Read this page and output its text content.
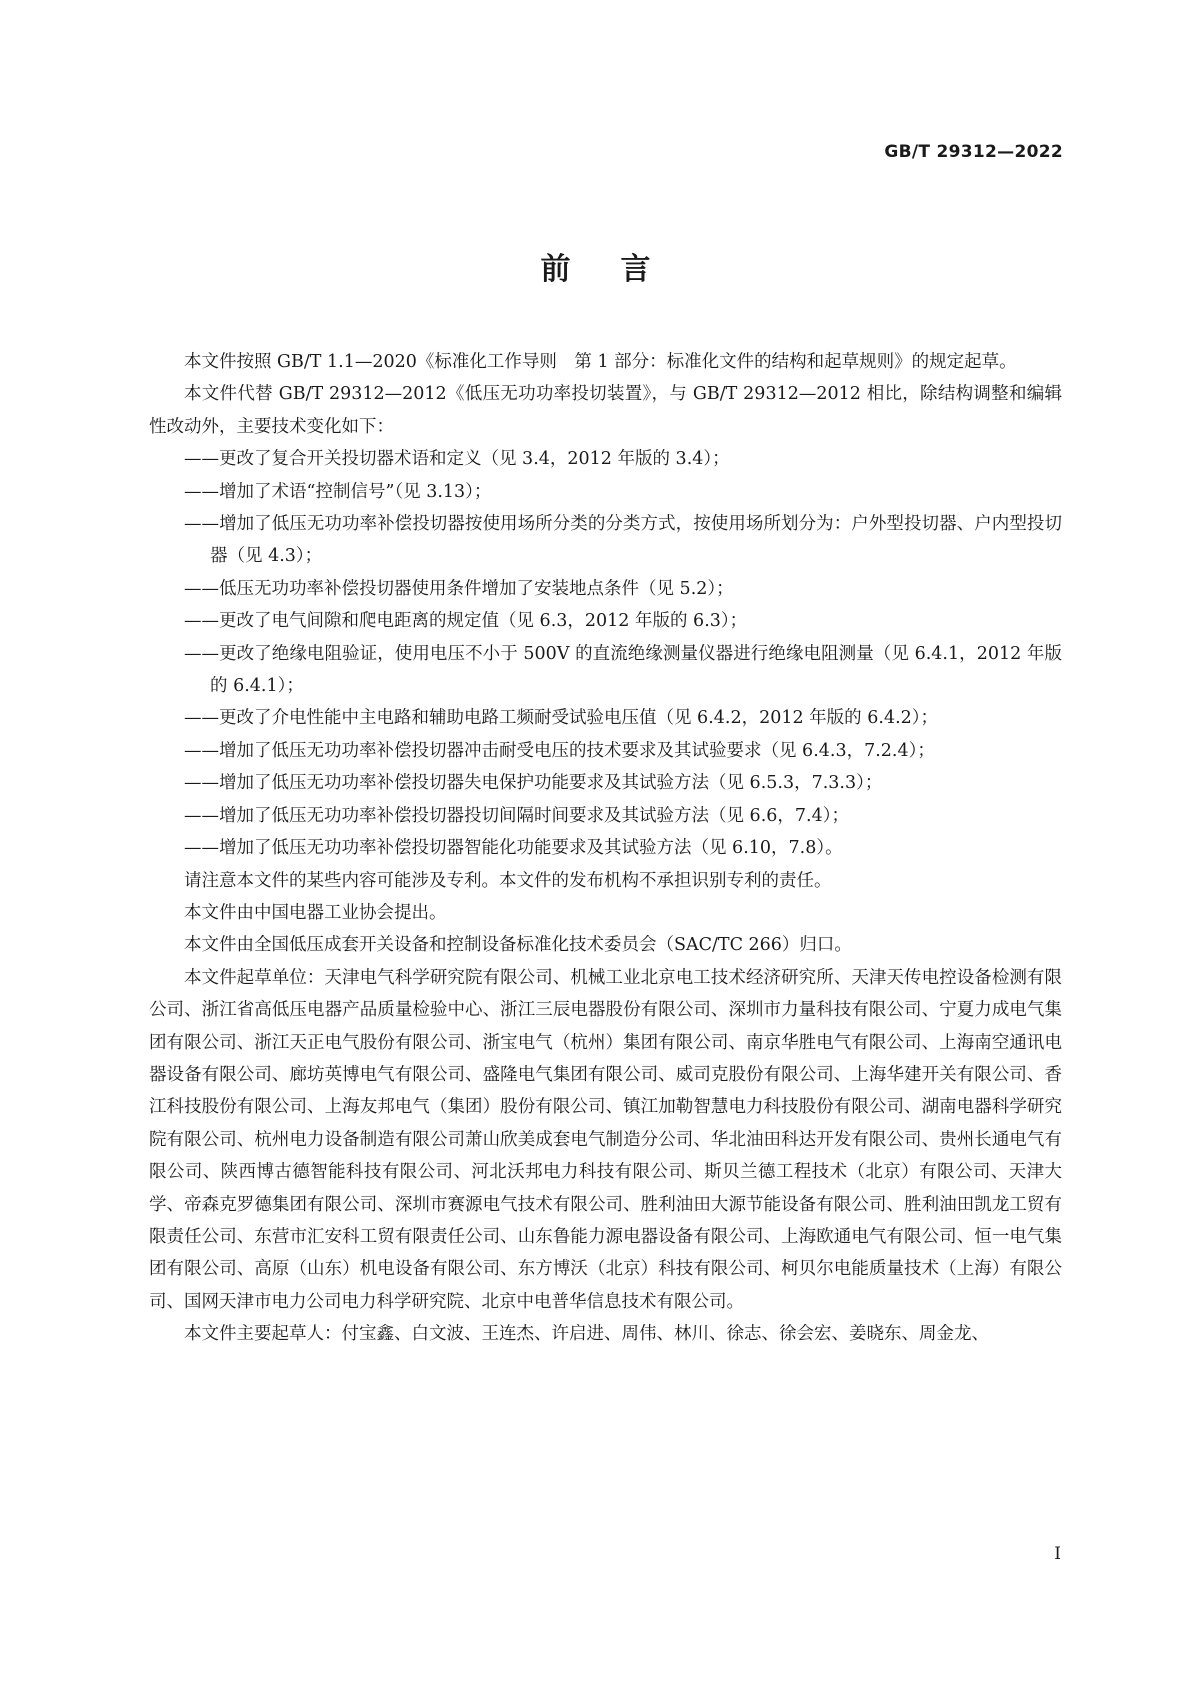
GB/T 29312—2022
前言

本文件按照 GB/T 1.1—2020《标准化工作导则　第 1 部分：标准化文件的结构和起草规则》的规定起草。

本文件代替 GB/T 29312—2012《低压无功功率投切装置》，与 GB/T 29312—2012 相比，除结构调整和编辑性改动外，主要技术变化如下：

——更改了复合开关投切器术语和定义（见 3.4，2012 年版的 3.4）；

——增加了术语“控制信号”（见 3.13）；

——增加了低压无功功率补偿投切器按使用场所分类的分类方式，按使用场所划分为：户外型投切器、户内型投切器（见 4.3）；

——低压无功功率补偿投切器使用条件增加了安装地点条件（见 5.2）；

——更改了电气间隙和爬电距离的规定值（见 6.3，2012 年版的 6.3）；

——更改了绝缘电阻验证，使用电压不小于 500V 的直流绝缘测量仪器进行绝缘电阻测量（见 6.4.1，2012 年版的 6.4.1）；

——更改了介电性能中主电路和辅助电路工频耐受试验电压值（见 6.4.2，2012 年版的 6.4.2）；

——增加了低压无功功率补偿投切器冲击耐受电压的技术要求及其试验要求（见 6.4.3，7.2.4）；

——增加了低压无功功率补偿投切器失电保护功能要求及其试验方法（见 6.5.3，7.3.3）；

——增加了低压无功功率补偿投切器投切间隔时间要求及其试验方法（见 6.6，7.4）；

——增加了低压无功功率补偿投切器智能化功能要求及其试验方法（见 6.10，7.8）。

请注意本文件的某些内容可能涉及专利。本文件的发布机构不承担识别专利的责任。

本文件由中国电器工业协会提出。

本文件由全国低压成套开关设备和控制设备标准化技术委员会（SAC/TC 266）归口。

本文件起草单位：天津电气科学研究院有限公司、机械工业北京电工技术经济研究所、天津天传电控设备检测有限公司、浙江省高低压电器产品质量检验中心、浙江三辰电器股份有限公司、深圳市力量科技有限公司、宁夏力成电气集团有限公司、浙江天正电气股份有限公司、浙宝电气（杭州）集团有限公司、南京华胜电气有限公司、上海南空通讯电器设备有限公司、廊坊英博电气有限公司、盛隆电气集团有限公司、威司克股份有限公司、上海华建开关有限公司、香江科技股份有限公司、上海友邦电气（集团）股份有限公司、镇江加勒智慧电力科技股份有限公司、湖南电器科学研究院有限公司、杭州电力设备制造有限公司萧山欣美成套电气制造分公司、华北油田科达开发有限公司、贵州长通电气有限公司、陕西博古德智能科技有限公司、河北沃邦电力科技有限公司、斯贝兰德工程技术（北京）有限公司、天津大学、帝森克罗德集团有限公司、深圳市赛源电气技术有限公司、胜利油田大源节能设备有限公司、胜利油田凯龙工贸有限责任公司、东营市汇安科工贸有限责任公司、山东鲁能力源电器设备有限公司、上海欧通电气有限公司、恒一电气集团有限公司、高原（山东）机电设备有限公司、东方博沃（北京）科技有限公司、柯贝尔电能质量技术（上海）有限公司、国网天津市电力公司电力科学研究院、北京中电普华信息技术有限公司。

本文件主要起草人：付宝鑫、白文波、王连杰、许启进、周伟、林川、徐志、徐会宏、姜晓东、周金龙、

I
